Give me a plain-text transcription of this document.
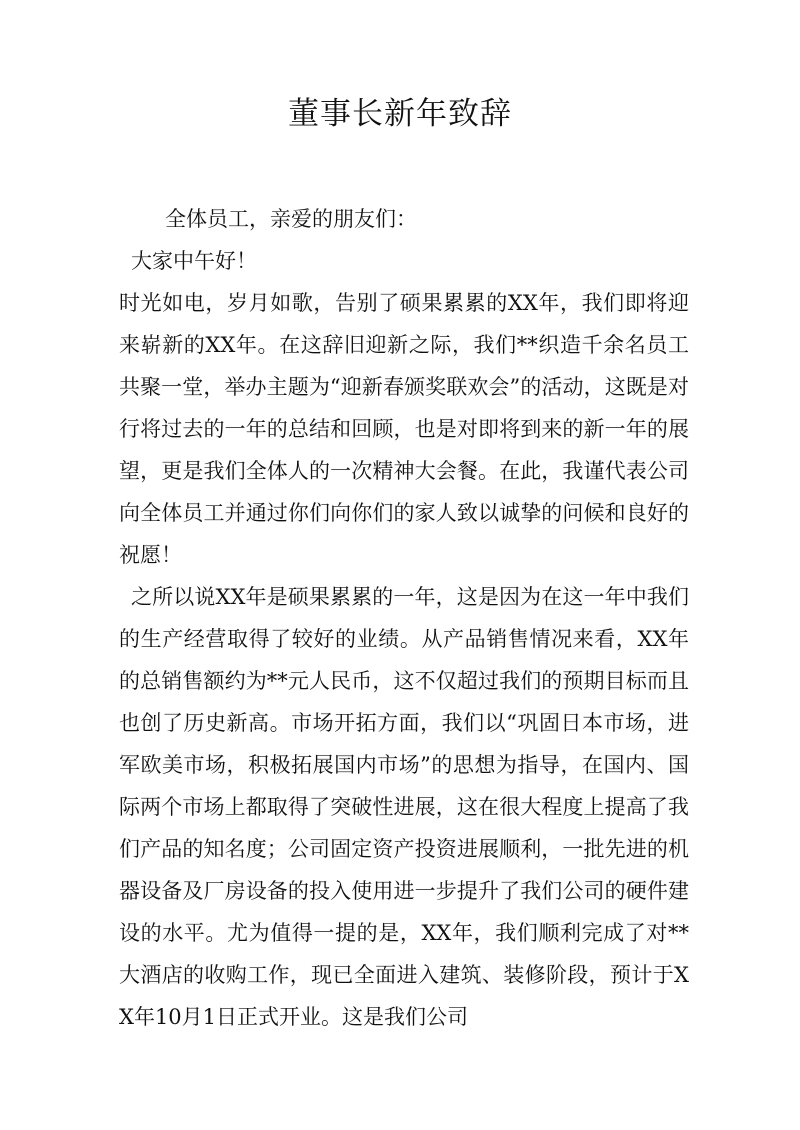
董事长新年致辞
全体员工，亲爱的朋友们：
大家中午好！
时光如电，岁月如歌，告别了硕果累累的XX年，我们即将迎来崭新的XX年。在这辞旧迎新之际，我们**织造千余名员工共聚一堂，举办主题为“迎新春颁奖联欢会”的活动，这既是对行将过去的一年的总结和回顾，也是对即将到来的新一年的展望，更是我们全体人的一次精神大会餐。在此，我谨代表公司向全体员工并通过你们向你们的家人致以诚挚的问候和良好的祝愿！
之所以说XX年是硕果累累的一年，这是因为在这一年中我们的生产经营取得了较好的业绩。从产品销售情况来看，XX年的总销售额约为**元人民币，这不仅超过我们的预期目标而且也创了历史新高。市场开拓方面，我们以“巩固日本市场，进军欧美市场，积极拓展国内市场”的思想为指导，在国内、国际两个市场上都取得了突破性进展，这在很大程度上提高了我们产品的知名度；公司固定资产投资进展顺利，一批先进的机器设备及厂房设备的投入使用进一步提升了我们公司的硬件建设的水平。尤为值得一提的是，XX年，我们顺利完成了对**大酒店的收购工作，现已全面进入建筑、装修阶段，预计于XX年10月1日正式开业。这是我们公司
